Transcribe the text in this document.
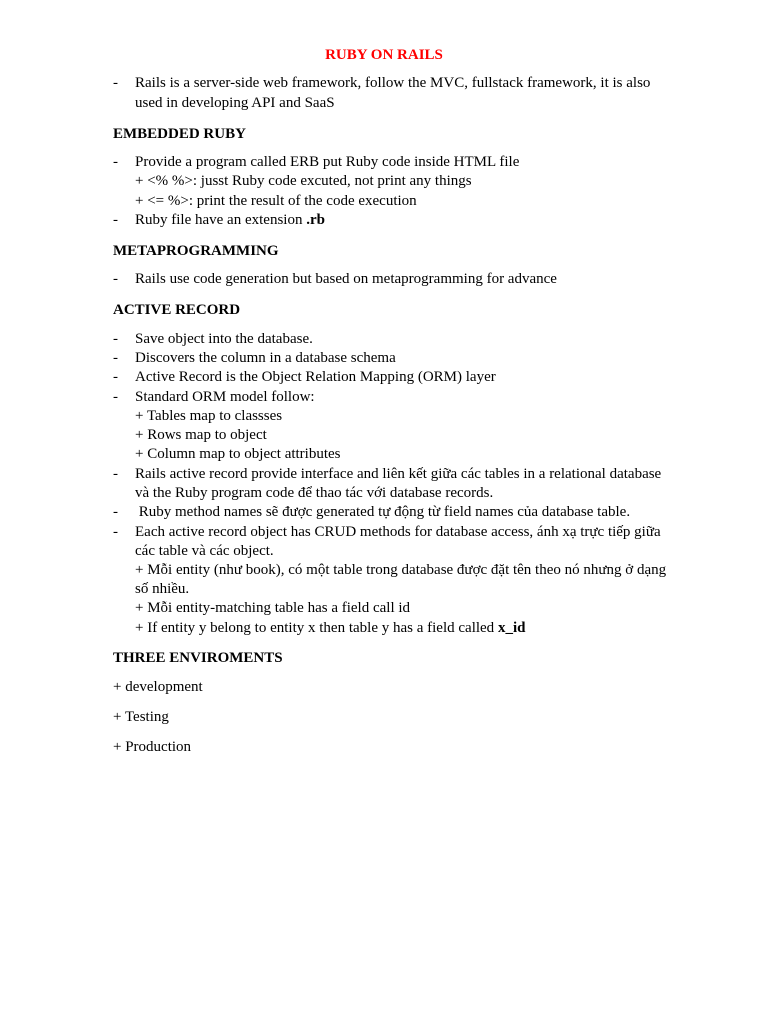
RUBY ON RAILS
- Rails is a server-side web framework, follow the MVC, fullstack framework, it is also
used in developing API and SaaS
EMBEDDED RUBY
- Provide a program called ERB put Ruby code inside HTML file
+ <% %>: jusst Ruby code excuted, not print any things
+ <= %>: print the result of the code execution
- Ruby file have an extension .rb
METAPROGRAMMING
- Rails use code generation but based on metaprogramming for advance
ACTIVE RECORD
- Save object into the database.
- Discovers the column in a database schema
- Active Record is the Object Relation Mapping (ORM) layer
- Standard ORM model follow:
+ Tables map to classses
+ Rows map to object
+ Column map to object attributes
- Rails active record provide interface and liên kết giữa các tables in a relational database
và the Ruby program code để thao tác với database records.
- Ruby method names sẽ được generated tự động từ field names của database table.
- Each active record object has CRUD methods for database access, ánh xạ trực tiếp giữa
các table và các object.
+ Mỗi entity (như book), có một table trong database được đặt tên theo nó nhưng ở dạng
số nhiều.
+ Mỗi entity-matching table has a field call id
+ If entity y belong to entity x then table y has a field called x_id
THREE ENVIROMENTS
+ development
+ Testing
+ Production
